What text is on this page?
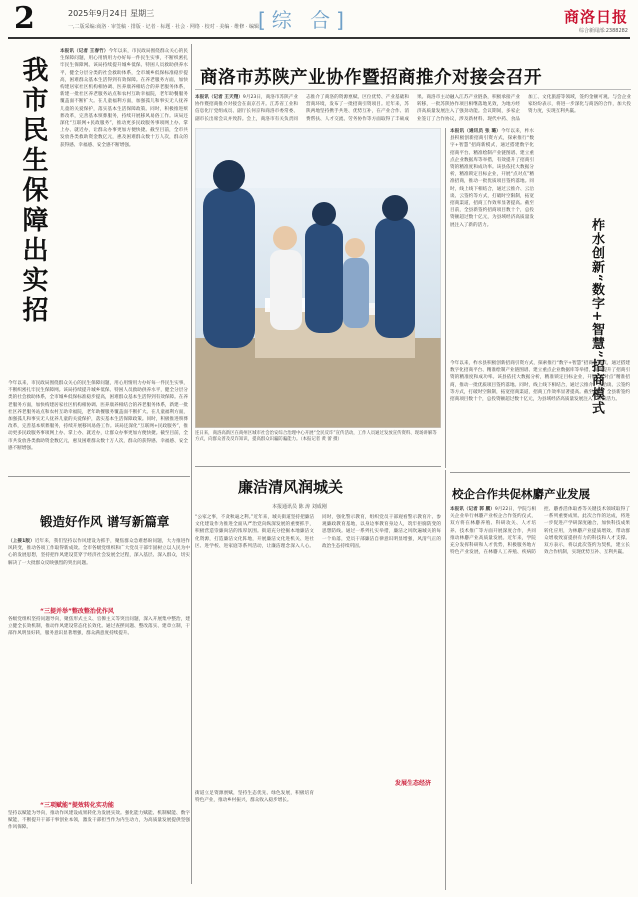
2	2025年9月24日 星期三
一,二版采编:商洛 · 审签稿 · 排版 · 记者 · 标题 · 社会 · 网络 · 校对 · 美编 · 维修 · 编辑 [综 合]	商洛日报
综合新闻部:2388282
我市民生保障出实招
本报讯（记者 王春竹）今年以来，市民政局围绕群众关心的民生保障问题，用心用情用力办好每一件民生实事，不断织密扎牢民生保障网。该局持续提升城乡低保、特困人员救助供养水平，健全分层分类的社会救助体系，全市城乡低保标准稳步提高，困难群众基本生活得到有效保障。在养老服务方面，加快构建居家社区机构相协调、医养康养相结合的养老服务体系，新建一批社区养老服务站点和农村互助幸福院，老年助餐服务覆盖面不断扩大。在儿童福利方面，加强孤儿和事实无人抚养儿童的关爱保护，落实基本生活保障政策。同时，积极推进殡葬改革，完善基本殡葬服务，持续开展移风易俗工作。该局还深化“互联网+民政服务”，推动更多民政服务事项网上办、掌上办、就近办，让群众办事更加方便快捷。截至目前，全市共发放各类救助资金数亿元，惠及困难群众数十万人次，群众的获得感、幸福感、安全感不断增强。
今年以来，市民政局围绕群众关心的民生保障问题，用心用情用力办好每一件民生实事，不断织密扎牢民生保障网。该局持续提升城乡低保、特困人员救助供养水平，健全分层分类的社会救助体系，全市城乡低保标准稳步提高，困难群众基本生活得到有效保障。在养老服务方面，加快构建居家社区机构相协调、医养康养相结合的养老服务体系，新建一批社区养老服务站点和农村互助幸福院，老年助餐服务覆盖面不断扩大。在儿童福利方面，加强孤儿和事实无人抚养儿童的关爱保护，落实基本生活保障政策。同时，积极推进殡葬改革，完善基本殡葬服务，持续开展移风易俗工作。该局还深化“互联网+民政服务”，推动更多民政服务事项网上办、掌上办、就近办，让群众办事更加方便快捷。截至目前，全市共发放各类救助资金数亿元，惠及困难群众数十万人次，群众的获得感、幸福感、安全感不断增强。
商洛市苏陕产业协作暨招商推介对接会召开
本报讯（记者 王天翔）9月23日，商洛市苏陕产业协作暨招商推介对接会在南京召开。江苏省工业和信息化厅党组成员、副厅长何京和商洛市委常委、副市长出席会议并致辞。会上，商洛市有关负责同志推介了商洛的资源禀赋、区位优势、产业基础和营商环境，发布了一批招商引资项目。近年来，苏陕两地坚持携手共进、优势互补，在产业合作、消费帮扶、人才交流、劳务协作等方面取得了丰硕成果。商洛市主动融入江苏产业链条，积极承接产业转移，一批苏陕协作项目相继落地见效，为地方经济高质量发展注入了强劲动能。会议期间，多家企业签订了合作协议，涉及新材料、现代中药、食品加工、文化旅游等领域，签约金额可观。与会企业家纷纷表示，将进一步深化与商洛的合作，加大投资力度，实现互利共赢。
连日来，商洛高新区在商州区城市社会治安综合治理中心开展“全民反诈”宣传活动，工作人员通过发放宣传资料、现场讲解等方式，向群众普及反诈知识，提高群众识骗防骗能力。（本报记者 黄 蕾 摄）
本报讯（通讯员 张 璐）今年以来，柞水县积极创新招商引资方式，探索推行“数字+智慧”招商新模式，通过搭建数字化招商平台、精准绘制产业链图谱、建立重点企业数据库等举措，有效提升了招商引资的精准度和成功率。该县依托大数据分析，精准锁定目标企业，开展“点对点”精准招商，推动一批优质项目签约落地。同时，线上线下相结合，通过云推介、云洽谈、云签约等方式，打破时空限制，拓宽招商渠道，招商工作效率显著提高。截至目前，全县新签约招商项目数十个，总投资额超过数十亿元，为县域经济高质量发展注入了新的活力。	柞水创新“数字+智慧”招商模式
今年以来，柞水县积极创新招商引资方式，探索推行“数字+智慧”招商新模式，通过搭建数字化招商平台、精准绘制产业链图谱、建立重点企业数据库等举措，有效提升了招商引资的精准度和成功率。该县依托大数据分析，精准锁定目标企业，开展“点对点”精准招商，推动一批优质项目签约落地。同时，线上线下相结合，通过云推介、云洽谈、云签约等方式，打破时空限制，拓宽招商渠道，招商工作效率显著提高。截至目前，全县新签约招商项目数十个，总投资额超过数十亿元，为县域经济高质量发展注入了新的活力。
锻造好作风 谱写新篇章
（上接1版）近年来，我们坚持以作风建设为抓手，聚焦群众急难愁盼问题，大力推进作风转变，推动各项工作取得新成效。全市各级党组织和广大党员干部牢固树立以人民为中心的发展思想，坚持把作风建设贯穿于经济社会发展全过程，深入基层、深入群众，切实解决了一大批群众反映强烈的突出问题。
“三提并举”整改整治优作风
各级党组织坚持问题导向，聚焦形式主义、官僚主义等突出问题，深入开展集中整治，建立健全长效机制，推动作风建设常态化长效化。通过查摆问题、整改落实、建章立制，干部作风明显好转，服务意识显著增强，群众满意度持续提升。
“三项赋能”提效转化实功能
坚持以赋能为导向，推动作风建设成果转化为发展实效。强化能力赋能、机制赋能、数字赋能，不断提升干部干事创业本领，激发干部担当作为内生动力，为高质量发展提供坚强作风保障。
廉洁清风润城关
本报通讯员 陈 涛 刘成刚
“公家之事，不贪秋毫之利。”近年来，城关街道坚持把廉洁文化建设作为推进全面从严治党向纵深发展的重要抓手，积极营造崇廉尚洁的浓厚氛围。街道充分挖掘本地廉洁文化资源，打造廉洁文化阵地，开展廉洁文化进机关、进社区、进学校、进家庭等系列活动，让廉洁理念深入人心。同时，强化警示教育，组织党员干部观看警示教育片、参观廉政教育基地，以身边事教育身边人，筑牢拒腐防变的思想防线。通过一系列扎实举措，廉洁之风吹遍城关的每一个角落，党员干部廉洁自律意识明显增强，风清气正的政治生态持续巩固。
发展生态经济
街道立足资源禀赋，坚持生态优先、绿色发展，积极培育特色产业，推动乡村振兴，群众收入稳步增长。
校企合作共促林麝产业发展
本报讯（记者 郭 鹏）9月22日，学院与相关企业举行林麝产业校企合作签约仪式，双方将在林麝养殖、科研攻关、人才培养、技术推广等方面开展深度合作，共同推动林麝产业高质量发展。近年来，学院充分发挥科研和人才优势，积极服务地方特色产业发展，在林麝人工养殖、疾病防控、麝香活体取香等关键技术领域取得了一系列重要成果。此次合作的达成，将进一步促进产学研深度融合，加快科技成果转化应用，为林麝产业提质增效、带动群众增收致富提供有力的科技和人才支撑。双方表示，将以此次签约为契机，建立长效合作机制，实现优势互补、互利共赢。
